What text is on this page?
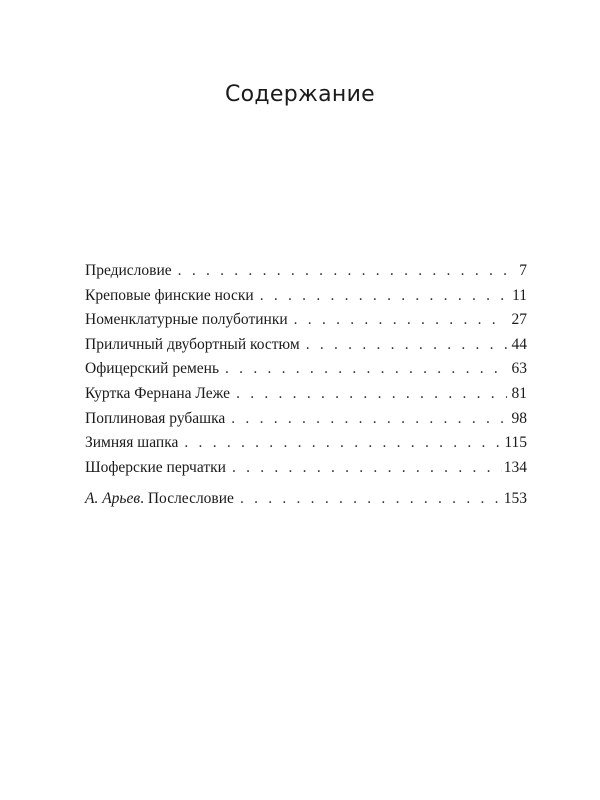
Содержание
Предисловие . . .	7
Креповые финские носки . . .	11
Номенклатурные полуботинки . . .	27
Приличный двубортный костюм . . .	44
Офицерский ремень . . .	63
Куртка Фернана Леже . . .	81
Поплиновая рубашка . . .	98
Зимняя шапка . . .	115
Шоферские перчатки . . .	134
А. Арьев. Послесловие . . .	153
